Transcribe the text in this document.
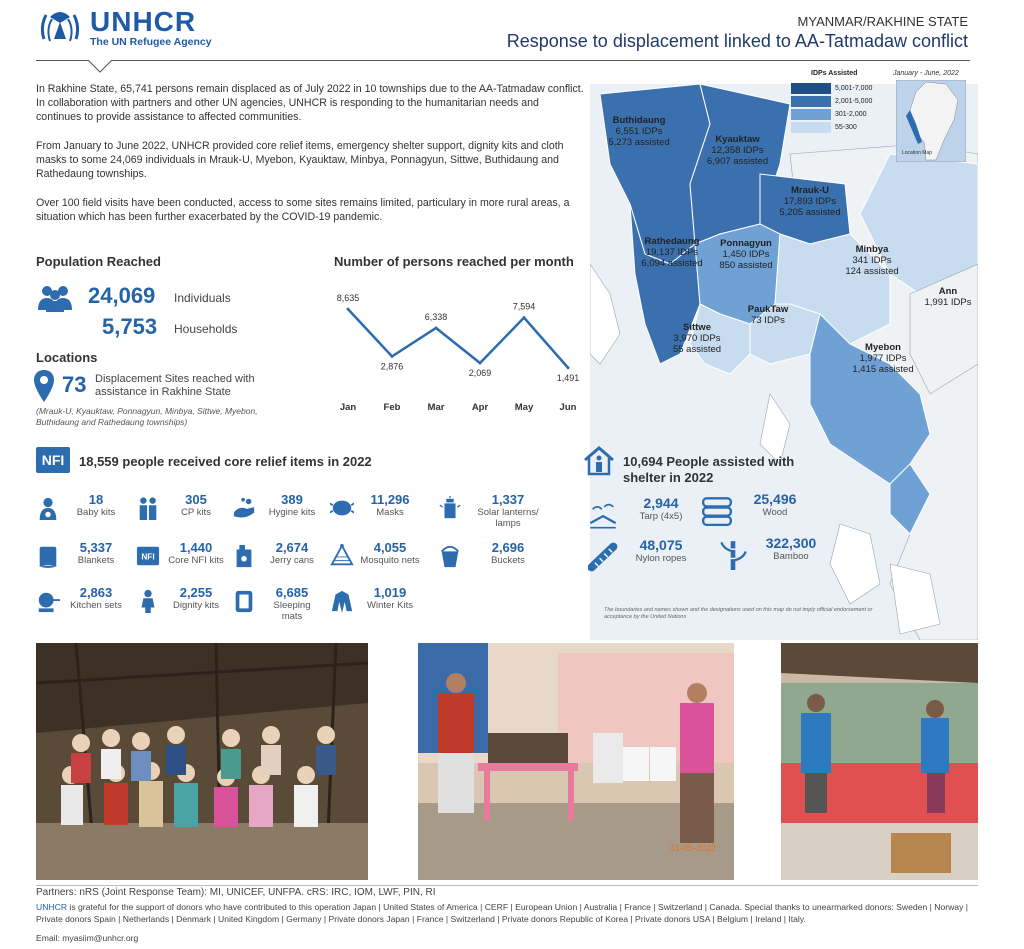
UNHCR
The UN Refugee Agency
MYANMAR/RAKHINE STATE
Response to displacement linked to AA-Tatmadaw conflict
In Rakhine State, 65,741 persons remain displaced as of July 2022 in 10 townships due to the AA-Tatmadaw conflict. In collaboration with partners and other UN agencies, UNHCR is responding to the humanitarian needs and continues to provide assistance to affected communities.
From January to June 2022, UNHCR provided core relief items, emergency shelter support, dignity kits and cloth masks to some 24,069 individuals in Mrauk-U, Myebon, Kyauktaw, Minbya, Ponnagyun, Sittwe, Buthidaung and Rathedaung townships.
Over 100 field visits have been conducted, access to some sites remains limited, particulary in more rural areas, a situation which has been further exacerbated by the COVID-19 pandemic.
Population Reached
24,069 Individuals
5,753 Households
Locations
73 Displacement Sites reached with assistance in Rakhine State
(Mrauk-U, Kyauktaw, Ponnagyun, Minbya, Sittwe, Myebon, Buthidaung and Rathedaung townships)
Number of persons reached per month
8,635
Jan
2,876
Feb
6,338
Mar
2,069
Apr
7,594
May
1,491
Jun
IDPs Assisted	January - June, 2022
5,001-7,000
2,001-5,000
301-2,000
55-300
Location Map
Buthidaung
6,551 IDPs
5,273 assisted	Kyauktaw
12,358 IDPs
6,907 assisted
Mrauk-U
17,893 IDPs
5,205 assisted
Rathedaung
19,137 IDPs
6,094 assisted
Ponnagyun
1,450 IDPs
850 assisted
Minbya
341 IDPs
124 assisted
Ann
1,991 IDPs
PaukTaw
73 IDPs
Sittwe
3,970 IDPs
55 assisted	Myebon
1,977 IDPs
1,415 assisted
The boundaries and names shown and the designations used on this map do not imply official endorsement or acceptance by the United Nations
NFI	18,559 people received core relief items in 2022
18
Baby kits
305
CP kits
389
Hygine kits
11,296
Masks
1,337
Solar lanterns/ lamps
5,337
Blankets	NFI
1,440
Core NFI kits
2,674
Jerry cans
4,055
Mosquito nets
2,696
Buckets
2,863
Kitchen sets
2,255
Dignity kits
6,685
Sleeping mats
1,019
Winter Kits
10,694 People assisted with shelter in 2022
2,944
Tarp (4x5)
25,496
Wood
48,075
Nylon ropes
322,300
Bamboo
31-05-2022
Partners: nRS (Joint Response Team): MI, UNICEF, UNFPA. cRS: IRC, IOM, LWF, PIN, RI
UNHCR is grateful for the support of donors who have contributed to this operation Japan | United States of America | CERF | European Union | Australia | France | Switzerland | Canada. Special thanks to unearmarked donors: Sweden | Norway | Private donors Spain | Netherlands | Denmark | United Kingdom | Germany | Private donors Japan | France | Switzerland | Private donors Republic of Korea | Private donors USA | Belgium | Ireland | Italy.
Email: myasiim@unhcr.org
